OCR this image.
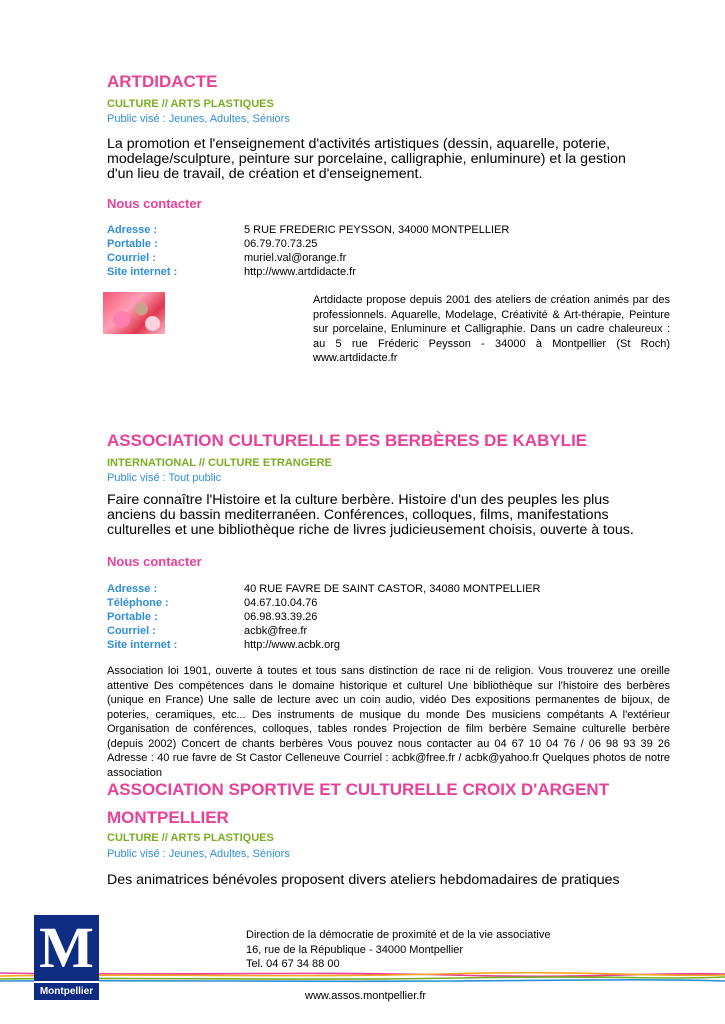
ARTDIDACTE
CULTURE // ARTS PLASTIQUES
Public visé : Jeunes, Adultes, Séniors
La promotion et l'enseignement d'activités artistiques (dessin, aquarelle, poterie, modelage/sculpture, peinture sur porcelaine, calligraphie, enluminure) et la gestion d'un lieu de travail, de création et d'enseignement.
Nous contacter
Adresse :	5 RUE FREDERIC PEYSSON, 34000 MONTPELLIER
Portable :	06.79.70.73.25
Courriel :	muriel.val@orange.fr
Site internet :	http://www.artdidacte.fr
Artdidacte propose depuis 2001 des ateliers de création animés par des professionnels. Aquarelle, Modelage, Créativité & Art-thérapie, Peinture sur porcelaine, Enluminure et Calligraphie. Dans un cadre chaleureux : au 5 rue Fréderic Peysson - 34000 à Montpellier (St Roch) www.artdidacte.fr
ASSOCIATION CULTURELLE DES BERBÈRES DE KABYLIE
INTERNATIONAL // CULTURE ETRANGERE
Public visé : Tout public
Faire connaître l'Histoire et la culture berbère. Histoire d'un des peuples les plus anciens du bassin mediterranéen. Conférences, colloques, films, manifestations culturelles et une bibliothèque riche de livres judicieusement choisis, ouverte à tous.
Nous contacter
Adresse :	40 RUE FAVRE DE SAINT CASTOR, 34080 MONTPELLIER
Téléphone :	04.67.10.04.76
Portable :	06.98.93.39.26
Courriel :	acbk@free.fr
Site internet :	http://www.acbk.org
Association loi 1901, ouverte à toutes et tous sans distinction de race ni de religion. Vous trouverez une oreille attentive Des compétences dans le domaine historique et culturel Une bibliothèque sur l'histoire des berbères (unique en France) Une salle de lecture avec un coin audio, vidéo Des expositions permanentes de bijoux, de poteries, ceramiques, etc... Des instruments de musique du monde Des musiciens compétants A l'extérieur Organisation de conférences, colloques, tables rondes Projection de film berbère Semaine culturelle berbère (depuis 2002) Concert de chants berbères Vous pouvez nous contacter au 04 67 10 04 76 / 06 98 93 39 26 Adresse : 40 rue favre de St Castor Celleneuve Courriel : acbk@free.fr / acbk@yahoo.fr Quelques photos de notre association
ASSOCIATION SPORTIVE ET CULTURELLE CROIX D'ARGENT
MONTPELLIER
CULTURE // ARTS PLASTIQUES
Public visé : Jeunes, Adultes, Séniors
Des animatrices bénévoles proposent divers ateliers hebdomadaires de pratiques
M
Montpellier
Direction de la démocratie de proximité et de la vie associative
16, rue de la République - 34000 Montpellier
Tel. 04 67 34 88 00
www.assos.montpellier.fr
